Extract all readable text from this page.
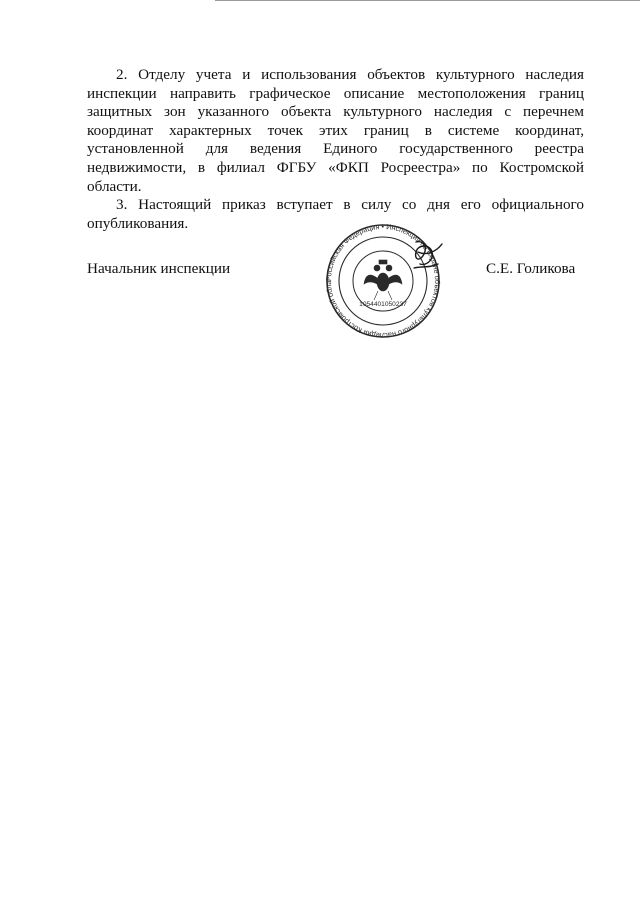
2. Отделу учета и использования объектов культурного наследия инспекции направить графическое описание местоположения границ защитных зон указанного объекта культурного наследия с перечнем координат характерных точек этих границ в системе координат, установленной для ведения Единого государственного реестра недвижимости, в филиал ФГБУ «ФКП Росреестра» по Костромской области.

3. Настоящий приказ вступает в силу со дня его официального опубликования.

Начальник инспекции
Российская Федерация • Инспекция по охране объектов культурного наследия Костромской обла
1054401050237
С.Е. Голикова
